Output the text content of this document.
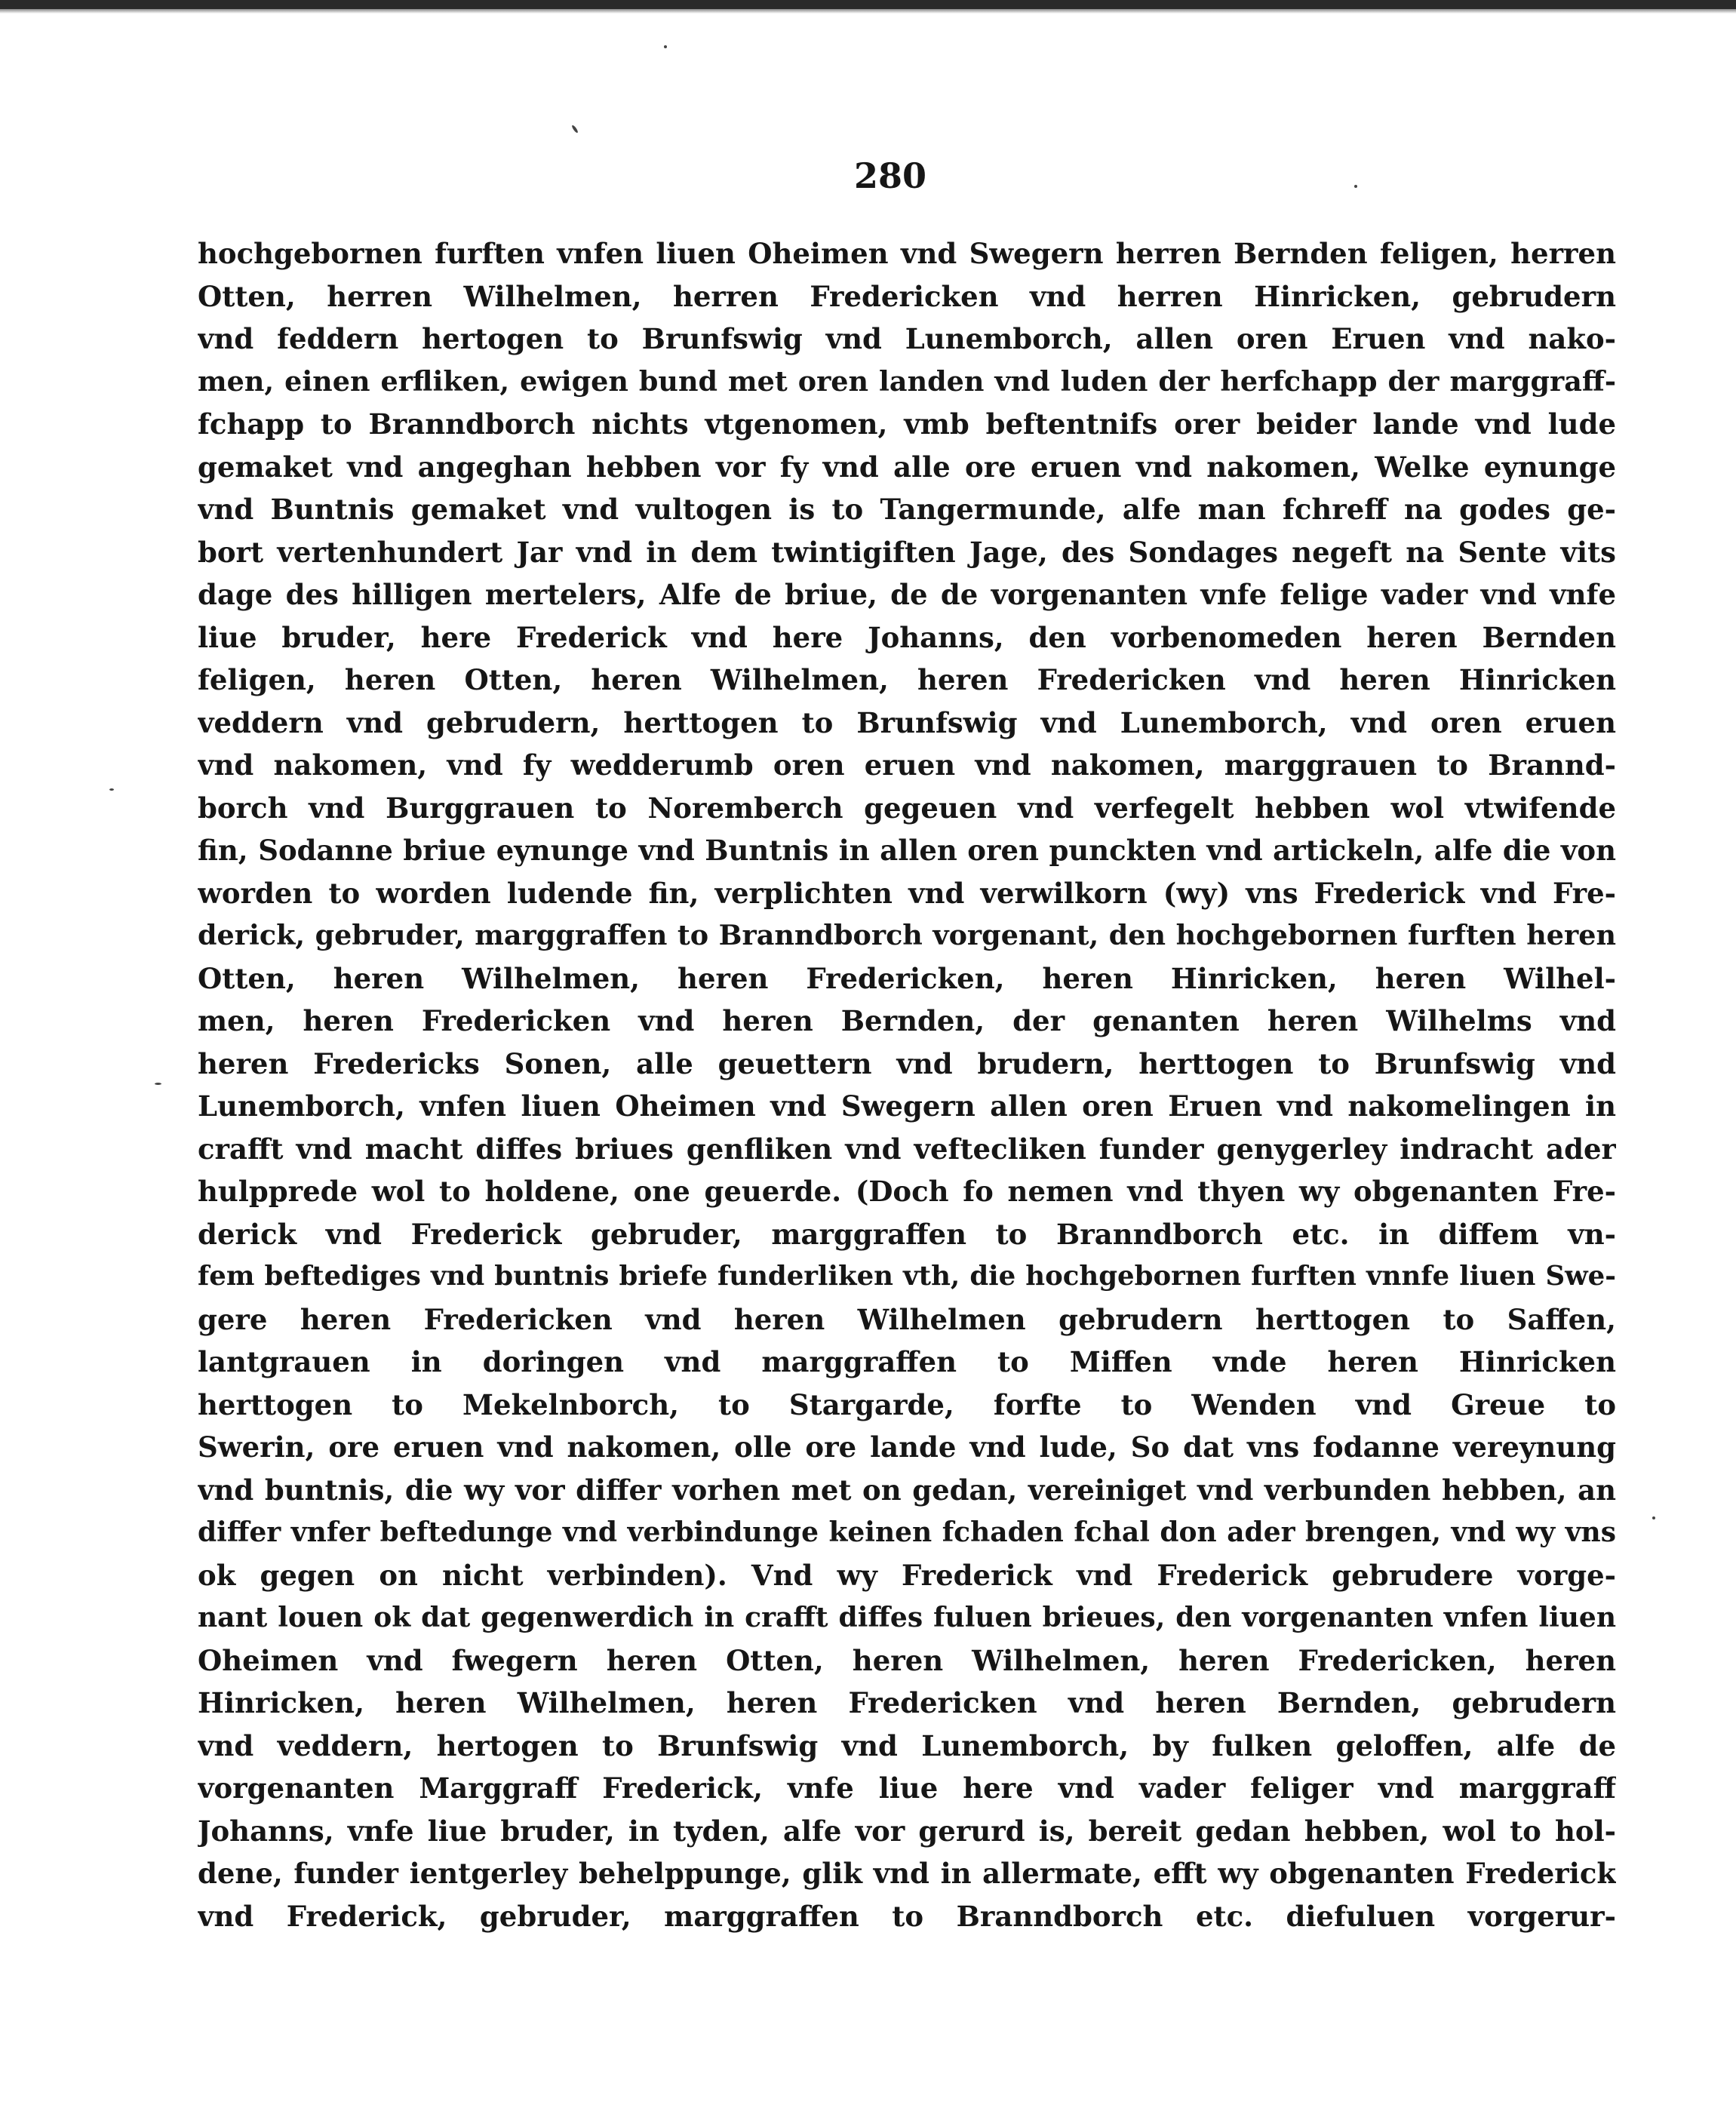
280
hochgebornen furften vnfen liuen Oheimen vnd Swegern herren Bernden feligen, herren
Otten, herren Wilhelmen, herren Fredericken vnd herren Hinricken, gebrudern
vnd feddern hertogen to Brunfswig vnd Lunemborch, allen oren Eruen vnd nako-
men, einen erfliken, ewigen bund met oren landen vnd luden der herfchapp der marggraff-
fchapp to Branndborch nichts vtgenomen, vmb beftentnifs orer beider lande vnd lude
gemaket vnd angeghan hebben vor fy vnd alle ore eruen vnd nakomen, Welke eynunge
vnd Buntnis gemaket vnd vultogen is to Tangermunde, alfe man fchreff na godes ge-
bort vertenhundert Jar vnd in dem twintigiften Jage, des Sondages negeft na Sente vits
dage des hilligen mertelers, Alfe de briue, de de vorgenanten vnfe felige vader vnd vnfe
liue bruder, here Frederick vnd here Johanns, den vorbenomeden heren Bernden
feligen, heren Otten, heren Wilhelmen, heren Fredericken vnd heren Hinricken
veddern vnd gebrudern, herttogen to Brunfswig vnd Lunemborch, vnd oren eruen
vnd nakomen, vnd fy wedderumb oren eruen vnd nakomen, marggrauen to Brannd-
borch vnd Burggrauen to Noremberch gegeuen vnd verfegelt hebben wol vtwifende
fin, Sodanne briue eynunge vnd Buntnis in allen oren punckten vnd artickeln, alfe die von
worden to worden ludende fin, verplichten vnd verwilkorn (wy) vns Frederick vnd Fre-
derick, gebruder, marggraffen to Branndborch vorgenant, den hochgebornen furften heren
Otten, heren Wilhelmen, heren Fredericken, heren Hinricken, heren Wilhel-
men, heren Fredericken vnd heren Bernden, der genanten heren Wilhelms vnd
heren Fredericks Sonen, alle geuettern vnd brudern, herttogen to Brunfswig vnd
Lunemborch, vnfen liuen Oheimen vnd Swegern allen oren Eruen vnd nakomelingen in
crafft vnd macht diffes briues genfliken vnd veftecliken funder genygerley indracht ader
hulpprede wol to holdene, one geuerde. (Doch fo nemen vnd thyen wy obgenanten Fre-
derick vnd Frederick gebruder, marggraffen to Branndborch etc. in diffem vn-
fem beftediges vnd buntnis briefe funderliken vth, die hochgebornen furften vnnfe liuen Swe-
gere heren Fredericken vnd heren Wilhelmen gebrudern herttogen to Saffen,
lantgrauen in doringen vnd marggraffen to Miffen vnde heren Hinricken
herttogen to Mekelnborch, to Stargarde, forfte to Wenden vnd Greue to
Swerin, ore eruen vnd nakomen, olle ore lande vnd lude, So dat vns fodanne vereynung
vnd buntnis, die wy vor differ vorhen met on gedan, vereiniget vnd verbunden hebben, an
differ vnfer beftedunge vnd verbindunge keinen fchaden fchal don ader brengen, vnd wy vns
ok gegen on nicht verbinden). Vnd wy Frederick vnd Frederick gebrudere vorge-
nant louen ok dat gegenwerdich in crafft diffes fuluen brieues, den vorgenanten vnfen liuen
Oheimen vnd fwegern heren Otten, heren Wilhelmen, heren Fredericken, heren
Hinricken, heren Wilhelmen, heren Fredericken vnd heren Bernden, gebrudern
vnd veddern, hertogen to Brunfswig vnd Lunemborch, by fulken geloffen, alfe de
vorgenanten Marggraff Frederick, vnfe liue here vnd vader feliger vnd marggraff
Johanns, vnfe liue bruder, in tyden, alfe vor gerurd is, bereit gedan hebben, wol to hol-
dene, funder ientgerley behelppunge, glik vnd in allermate, efft wy obgenanten Frederick
vnd Frederick, gebruder, marggraffen to Branndborch etc. diefuluen vorgerur-
